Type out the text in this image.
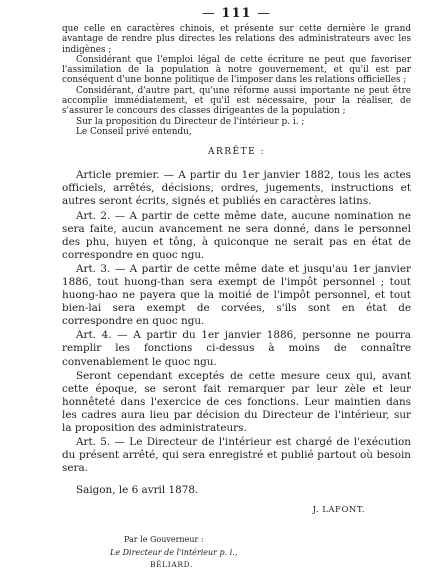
— 111 —

que celle en caractères chinois, et présente sur cette dernière le grand avantage de rendre plus directes les relations des administrateurs avec les indigènes ;

Considérant que l'emploi légal de cette écriture ne peut que favoriser l'assimilation de la population à notre gouvernement, et qu'il est par conséquent d'une bonne politique de l'imposer dans les relations officielles ;

Considérant, d'autre part, qu'une réforme aussi importante ne peut être accomplie immédiatement, et qu'il est nécessaire, pour la réaliser, de s'assurer le concours des classes dirigeantes de la population ;

Sur la proposition du Directeur de l'intérieur p. i. ;

Le Conseil privé entendu,

ARRÊTE :

Article premier. — A partir du 1er janvier 1882, tous les actes officiels, arrêtés, décisions, ordres, jugements, instructions et autres seront écrits, signés et publiés en caractères latins.

Art. 2. — A partir de cette même date, aucune nomination ne sera faite, aucun avancement ne sera donné, dans le personnel des phu, huyen et tông, à quiconque ne serait pas en état de correspondre en quoc ngu.

Art. 3. — A partir de cette même date et jusqu'au 1er janvier 1886, tout huong-than sera exempt de l'impôt personnel ; tout huong-hao ne payera que la moitié de l'impôt personnel, et tout bien-lai sera exempt de corvées, s'ils sont en état de correspondre en quoc ngu.

Art. 4. — A partir du 1er janvier 1886, personne ne pourra remplir les fonctions ci-dessus à moins de connaître convenablement le quoc ngu.

Seront cependant exceptés de cette mesure ceux qui, avant cette époque, se seront fait remarquer par leur zèle et leur honnêteté dans l'exercice de ces fonctions. Leur maintien dans les cadres aura lieu par décision du Directeur de l'intérieur, sur la proposition des administrateurs.

Art. 5. — Le Directeur de l'intérieur est chargé de l'exécution du présent arrêté, qui sera enregistré et publié partout où besoin sera.

Saigon, le 6 avril 1878.
J. LAFONT.
Par le Gouverneur :
Le Directeur de l'intérieur p. i.,
BÉLIARD.
